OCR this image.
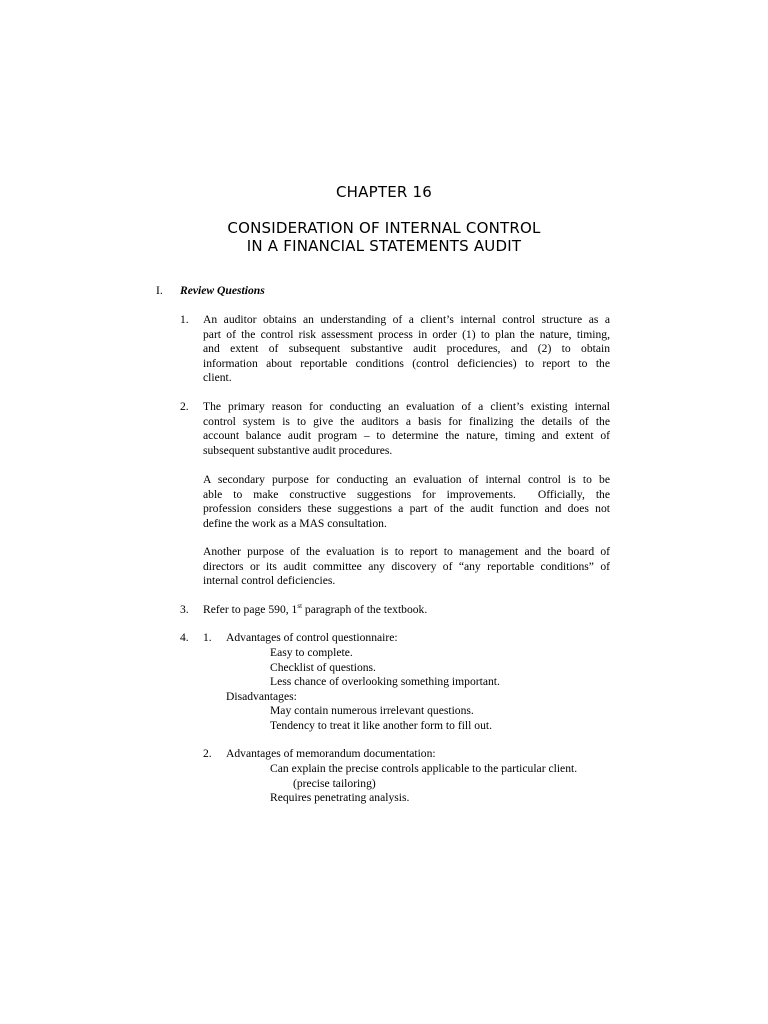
CHAPTER 16
CONSIDERATION OF INTERNAL CONTROL
IN A FINANCIAL STATEMENTS AUDIT
I. Review Questions
1. An auditor obtains an understanding of a client’s internal control structure as a
part of the control risk assessment process in order (1) to plan the nature, timing,
and extent of subsequent substantive audit procedures, and (2) to obtain
information about reportable conditions (control deficiencies) to report to the
client.
2. The primary reason for conducting an evaluation of a client’s existing internal
control system is to give the auditors a basis for finalizing the details of the
account balance audit program – to determine the nature, timing and extent of
subsequent substantive audit procedures.
A secondary purpose for conducting an evaluation of internal control is to be
able to make constructive suggestions for improvements.  Officially, the
profession considers these suggestions a part of the audit function and does not
define the work as a MAS consultation.
Another purpose of the evaluation is to report to management and the board of
directors or its audit committee any discovery of “any reportable conditions” of
internal control deficiencies.
3. Refer to page 590, 1st paragraph of the textbook.
4. 1. Advantages of control questionnaire:
Easy to complete.
Checklist of questions.
Less chance of overlooking something important.
Disadvantages:
May contain numerous irrelevant questions.
Tendency to treat it like another form to fill out.
2. Advantages of memorandum documentation:
Can explain the precise controls applicable to the particular client.
(precise tailoring)
Requires penetrating analysis.
